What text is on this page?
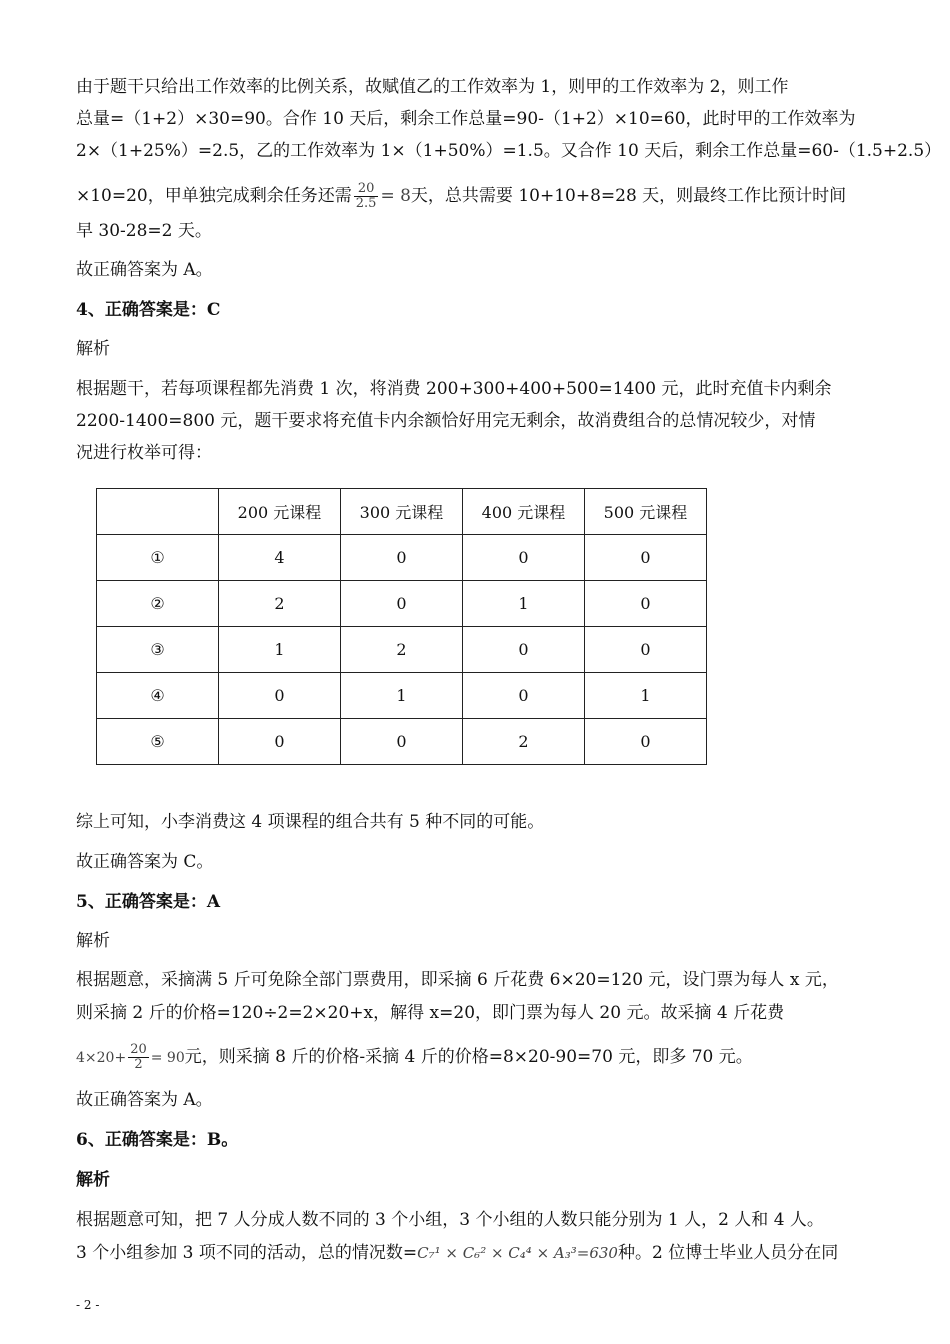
由于题干只给出工作效率的比例关系，故赋值乙的工作效率为 1，则甲的工作效率为 2，则工作
总量=（1+2）×30=90。合作 10 天后，剩余工作总量=90-（1+2）×10=60，此时甲的工作效率为
2×（1+25%）=2.5，乙的工作效率为 1×（1+50%）=1.5。又合作 10 天后，剩余工作总量=60-（1.5+2.5）
×10=20，甲单独完成剩余任务还需 $\frac{20}{2.5} = 8$天，总共需要 10+10+8=28 天，则最终工作比预计时间
早 30-28=2 天。
故正确答案为 A。
4、正确答案是：C
解析
根据题干，若每项课程都先消费 1 次，将消费 200+300+400+500=1400 元，此时充值卡内剩余
2200-1400=800 元，题干要求将充值卡内余额恰好用完无剩余，故消费组合的总情况较少，对情
况进行枚举可得：
	200 元课程	300 元课程	400 元课程	500 元课程
①	4	0	0	0
②	2	0	1	0
③	1	2	0	0
④	0	1	0	1
⑤	0	0	2	0
综上可知，小李消费这 4 项课程的组合共有 5 种不同的可能。
故正确答案为 C。
5、正确答案是：A
解析
根据题意，采摘满 5 斤可免除全部门票费用，即采摘 6 斤花费 6×20=120 元，设门票为每人 x 元，
则采摘 2 斤的价格=120÷2=2×20+x，解得 x=20，即门票为每人 20 元。故采摘 4 斤花费
$4\times 20+ \frac{20}{2} = 90$元，则采摘 8 斤的价格-采摘 4 斤的价格=8×20-90=70 元，即多 70 元。
故正确答案为 A。
6、正确答案是：B。
解析
根据题意可知，把 7 人分成人数不同的 3 个小组，3 个小组的人数只能分别为 1 人，2 人和 4 人。
3 个小组参加 3 项不同的活动，总的情况数=C₇¹ × C₆² × C₄⁴ × A₃³=630种。2 位博士毕业人员分在同
- 2 -
